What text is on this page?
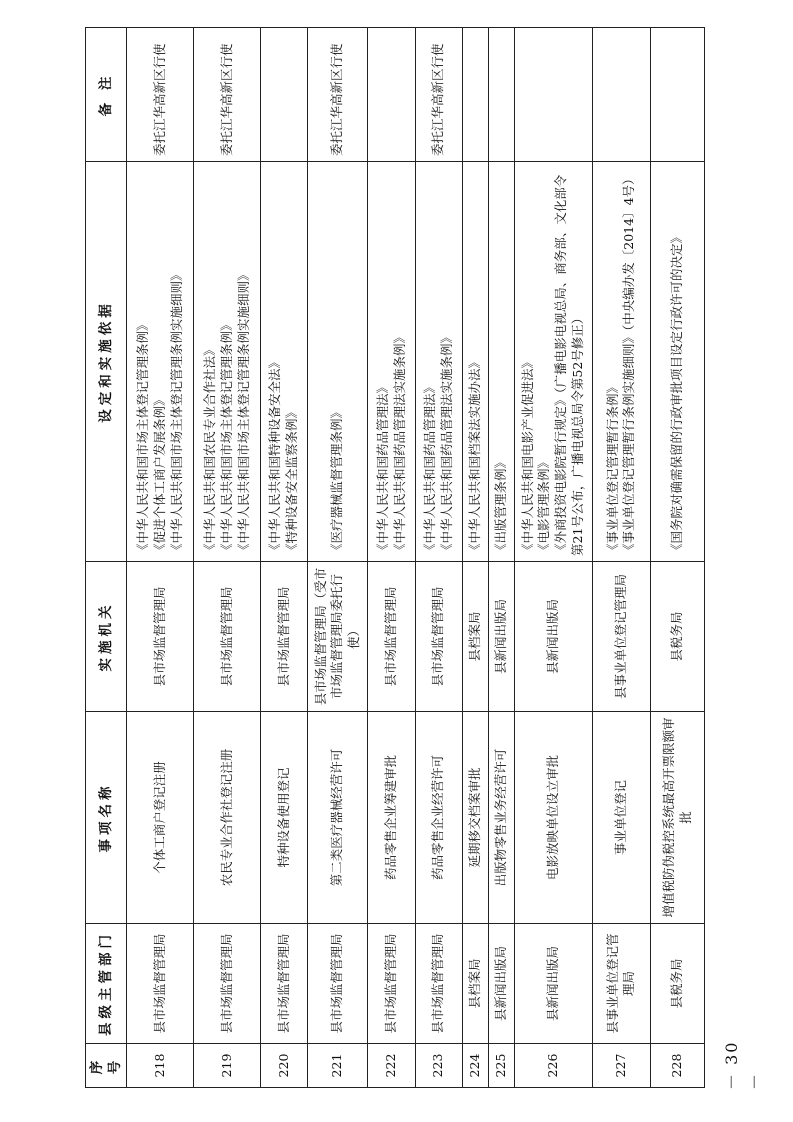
序号	县级主管部门	事项名称	实施机关	设定和实施依据	备 注
218	县市场监督管理局	个体工商户登记注册	县市场监督管理局	《中华人民共和国市场主体登记管理条例》
《促进个体工商户发展条例》
《中华人民共和国市场主体登记管理条例实施细则》	委托江华高新区行使
219	县市场监督管理局	农民专业合作社登记注册	县市场监督管理局	《中华人民共和国农民专业合作社法》
《中华人民共和国市场主体登记管理条例》
《中华人民共和国市场主体登记管理条例实施细则》	委托江华高新区行使
220	县市场监督管理局	特种设备使用登记	县市场监督管理局	《中华人民共和国特种设备安全法》
《特种设备安全监察条例》	
221	县市场监督管理局	第二类医疗器械经营许可	县市场监督管理局（受市市场监督管理局委托行使）	《医疗器械监督管理条例》	委托江华高新区行使
222	县市场监督管理局	药品零售企业筹建审批	县市场监督管理局	《中华人民共和国药品管理法》
《中华人民共和国药品管理法实施条例》	
223	县市场监督管理局	药品零售企业经营许可	县市场监督管理局	《中华人民共和国药品管理法》
《中华人民共和国药品管理法实施条例》	委托江华高新区行使
224	县档案局	延期移交档案审批	县档案局	《中华人民共和国档案法实施办法》	
225	县新闻出版局	出版物零售业务经营许可	县新闻出版局	《出版管理条例》	
226	县新闻出版局	电影放映单位设立审批	县新闻出版局	《中华人民共和国电影产业促进法》
《电影管理条例》
《外商投资电影院暂行规定》（广播电影电视总局、商务部、文化部令第21号公布，广播电视总局令第52号修正）	
227	县事业单位登记管理局	事业单位登记	县事业单位登记管理局	《事业单位登记管理暂行条例》
《事业单位登记管理暂行条例实施细则》（中央编办发〔2014〕4号）	
228	县税务局	增值税防伪税控系统最高开票限额审批	县税务局	《国务院对确需保留的行政审批项目设定行政许可的决定》	
－ 30 －
